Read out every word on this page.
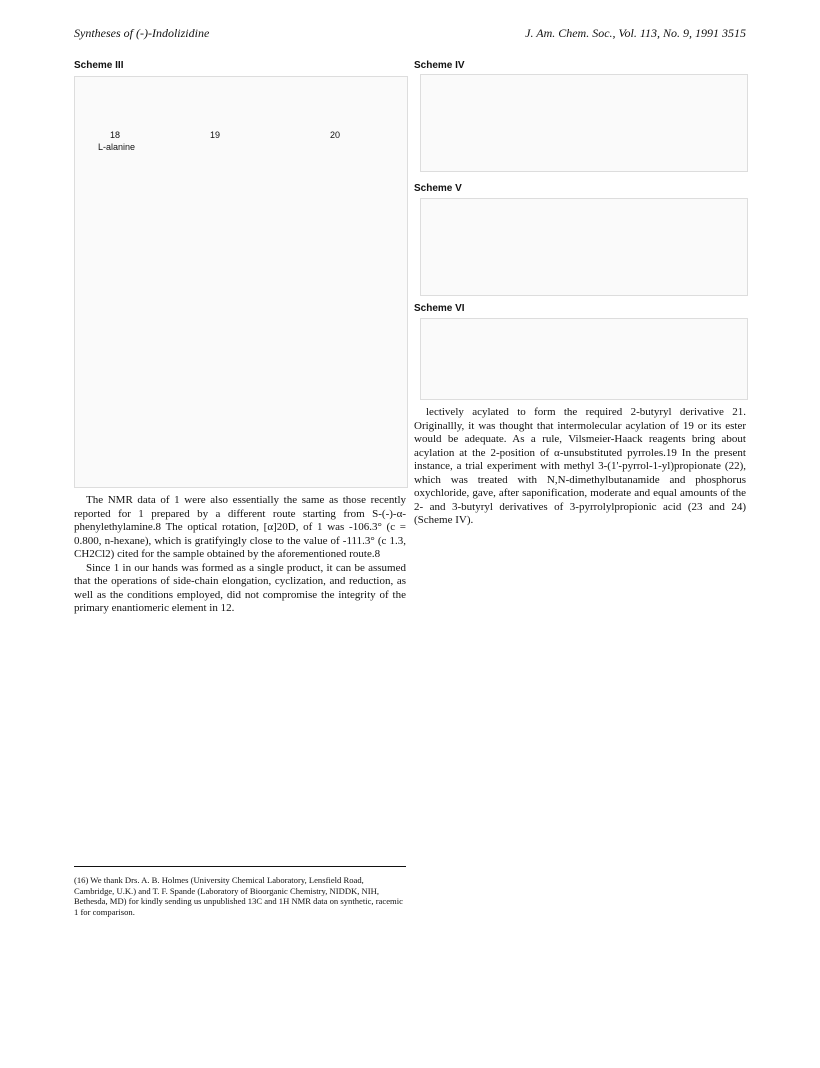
Syntheses of (-)-Indolizidine	J. Am. Chem. Soc., Vol. 113, No. 9, 1991 3515
Scheme III
18
L-alanine
19	20
Scheme IV
Scheme V
Scheme VI

The NMR data of 1 were also essentially the same as those recently reported for 1 prepared by a different route starting from S-(-)-α-phenylethylamine.8 The optical rotation, [α]20D, of 1 was -106.3° (c = 0.800, n-hexane), which is gratifyingly close to the value of -111.3° (c 1.3, CH2Cl2) cited for the sample obtained by the aforementioned route.8

Since 1 in our hands was formed as a single product, it can be assumed that the operations of side-chain elongation, cyclization, and reduction, as well as the conditions employed, did not compromise the integrity of the primary enantiomeric element in 12.

lectively acylated to form the required 2-butyryl derivative 21. Originallly, it was thought that intermolecular acylation of 19 or its ester would be adequate. As a rule, Vilsmeier-Haack reagents bring about acylation at the 2-position of α-unsubstituted pyrroles.19 In the present instance, a trial experiment with methyl 3-(1'-pyrrol-1-yl)propionate (22), which was treated with N,N-dimethylbutanamide and phosphorus oxychloride, gave, after saponification, moderate and equal amounts of the 2- and 3-butyryl derivatives of 3-pyrrolylpropionic acid (23 and 24) (Scheme IV).

(16) We thank Drs. A. B. Holmes (University Chemical Laboratory, Lensfield Road, Cambridge, U.K.) and T. F. Spande (Laboratory of Bioorganic Chemistry, NIDDK, NIH, Bethesda, MD) for kindly sending us unpublished 13C and 1H NMR data on synthetic, racemic 1 for comparison.
